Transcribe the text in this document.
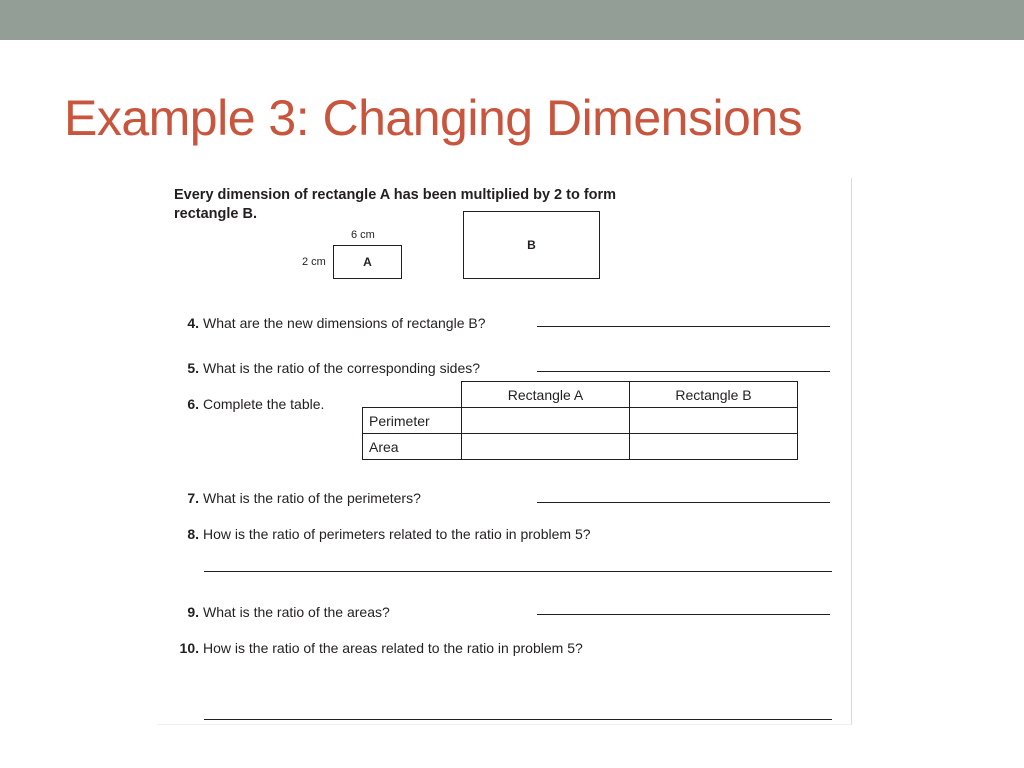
Example 3: Changing Dimensions
Every dimension of rectangle A has been multiplied by 2 to form
rectangle B.
6 cm
2 cm	A
B
4. What are the new dimensions of rectangle B?
5. What is the ratio of the corresponding sides?
6. Complete the table.
	Rectangle A	Rectangle B
Perimeter		
Area		
7. What is the ratio of the perimeters?
8. How is the ratio of perimeters related to the ratio in problem 5?
9. What is the ratio of the areas?
10. How is the ratio of the areas related to the ratio in problem 5?
